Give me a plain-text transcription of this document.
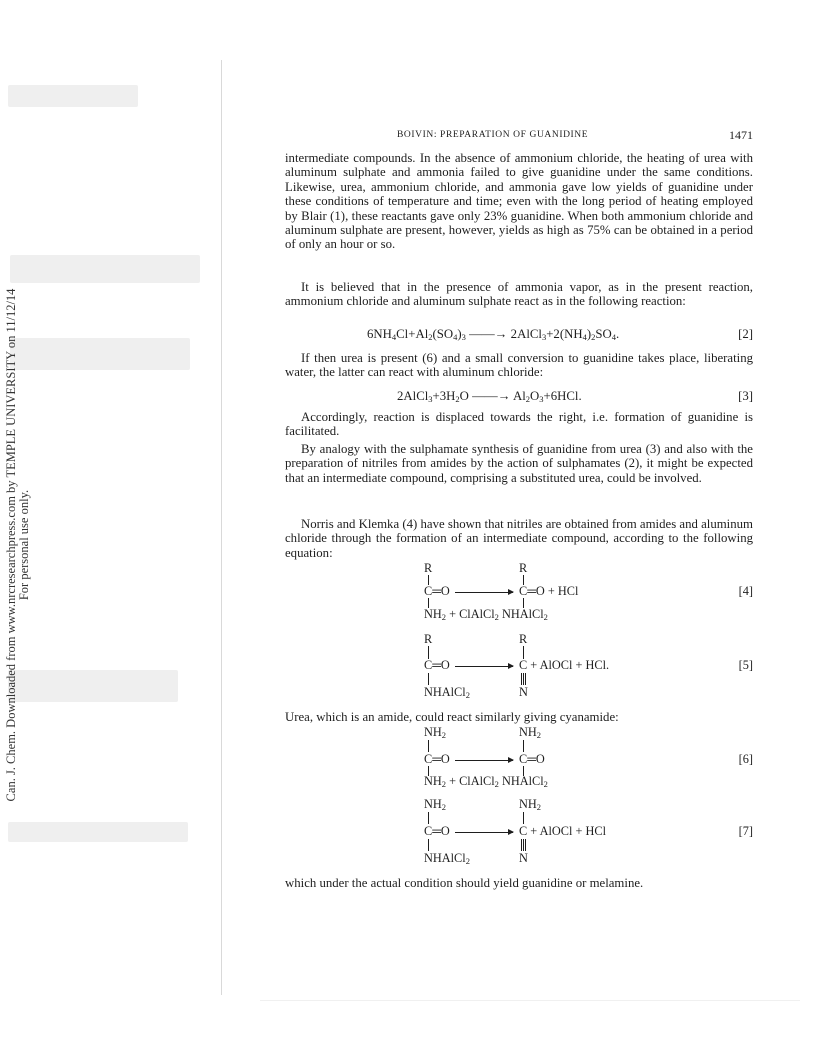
Can. J. Chem. Downloaded from www.nrcresearchpress.com by TEMPLE UNIVERSITY on 11/12/14 For personal use only.
BOIVIN: PREPARATION OF GUANIDINE	1471

intermediate compounds. In the absence of ammonium chloride, the heating of urea with aluminum sulphate and ammonia failed to give guanidine under the same conditions. Likewise, urea, ammonium chloride, and ammonia gave low yields of guanidine under these conditions of temperature and time; even with the long period of heating employed by Blair (1), these reactants gave only 23% guanidine. When both ammonium chloride and aluminum sulphate are present, however, yields as high as 75% can be obtained in a period of only an hour or so.

It is believed that in the presence of ammonia vapor, as in the present reaction, ammonium chloride and aluminum sulphate react as in the following reaction:

$6NH_4Cl+Al_2(SO_4)_3$ ——→ $2AlCl_3+2(NH_4)_2SO_4$.	[2]

If then urea is present (6) and a small conversion to guanidine takes place, liberating water, the latter can react with aluminum chloride:

$2AlCl_3+3H_2O$ ——→ $Al_2O_3+6HCl$.	[3]

Accordingly, reaction is displaced towards the right, i.e. formation of guanidine is facilitated.

By analogy with the sulphamate synthesis of guanidine from urea (3) and also with the preparation of nitriles from amides by the action of sulphamates (2), it might be expected that an intermediate compound, comprising a substituted urea, could be involved.

Norris and Klemka (4) have shown that nitriles are obtained from amides and aluminum chloride through the formation of an intermediate compound, according to the following equation:

R	R
C═O	C═O + HCl
$NH_2$ + ClAlCl$_2$ NHAlCl$_2$
[4]
R	R
C═O	C + AlOCl + HCl.
NHAlCl$_2$	N
[5]

Urea, which is an amide, could react similarly giving cyanamide:

$NH_2$	$NH_2$
C═O	C═O
$NH_2$ + ClAlCl$_2$ NHAlCl$_2$
[6]
$NH_2$	$NH_2$
C═O	C + AlOCl + HCl
NHAlCl$_2$	N
[7]

which under the actual condition should yield guanidine or melamine.
